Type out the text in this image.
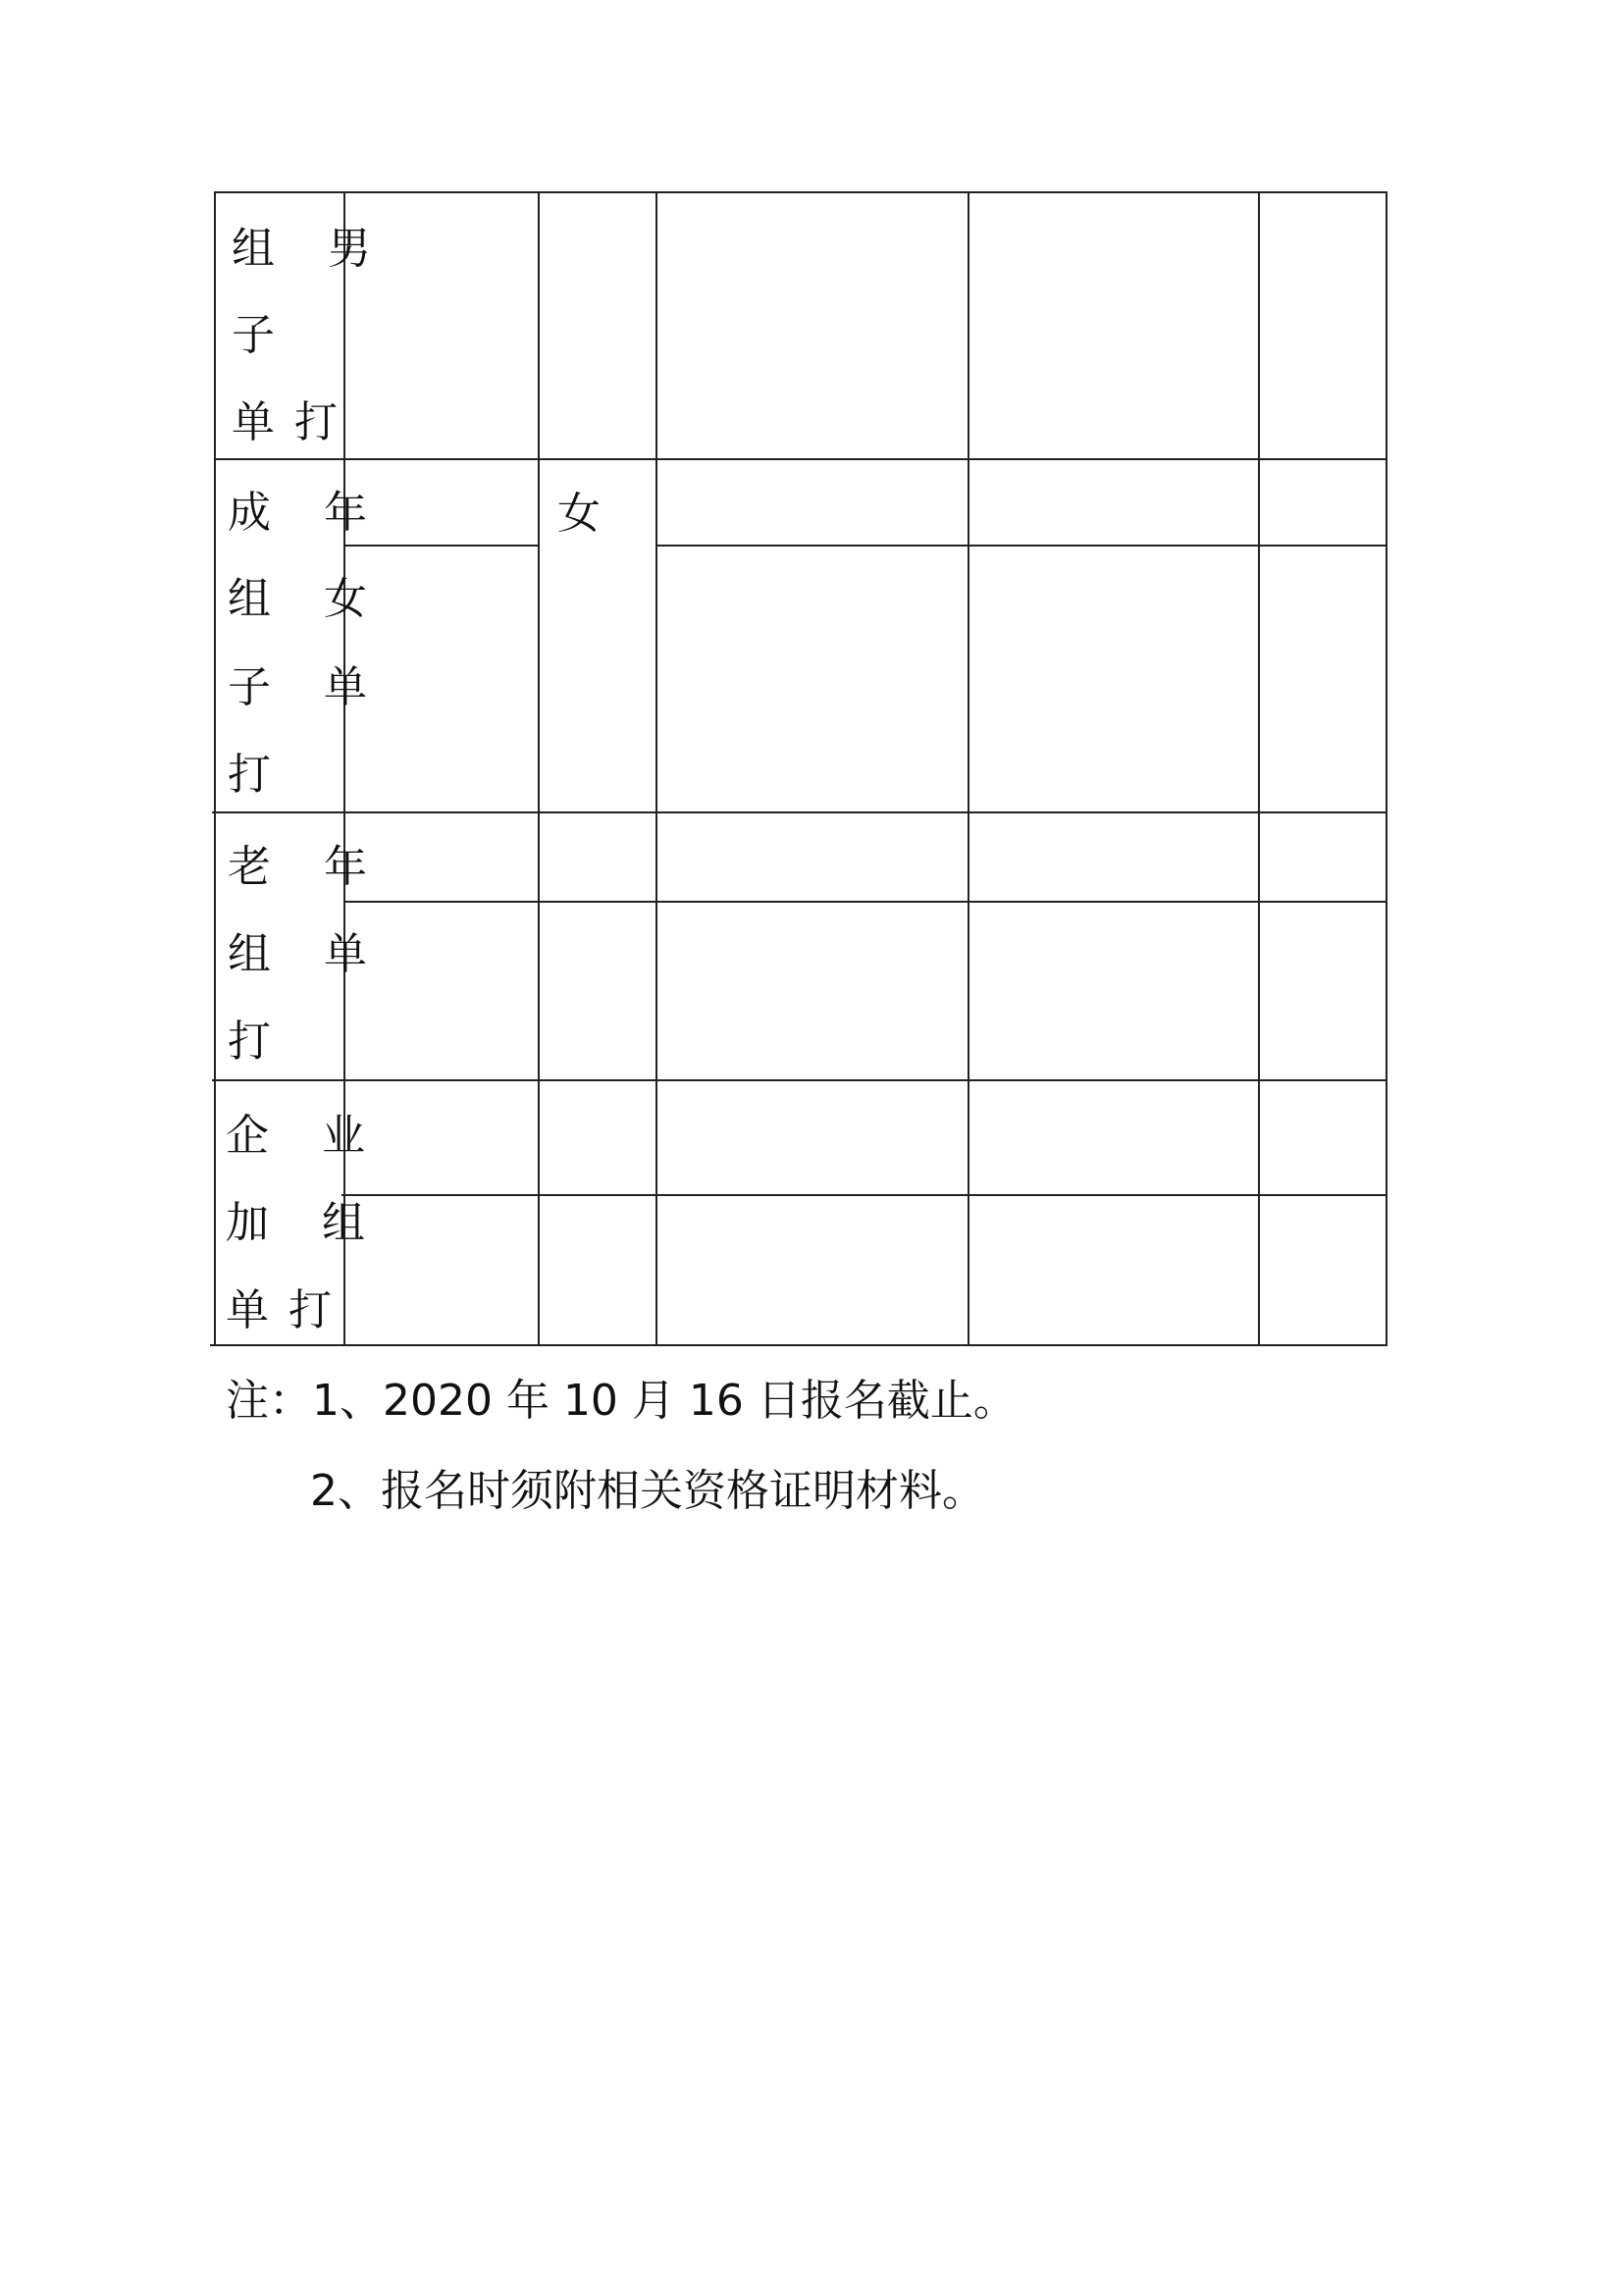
组 男
子
单打
成 年
组 女
子 单
打
女
老 年
组 单
打
企 业
加 组
单打
注：1、2020 年 10 月 16 日报名截止。
2、报名时须附相关资格证明材料。
